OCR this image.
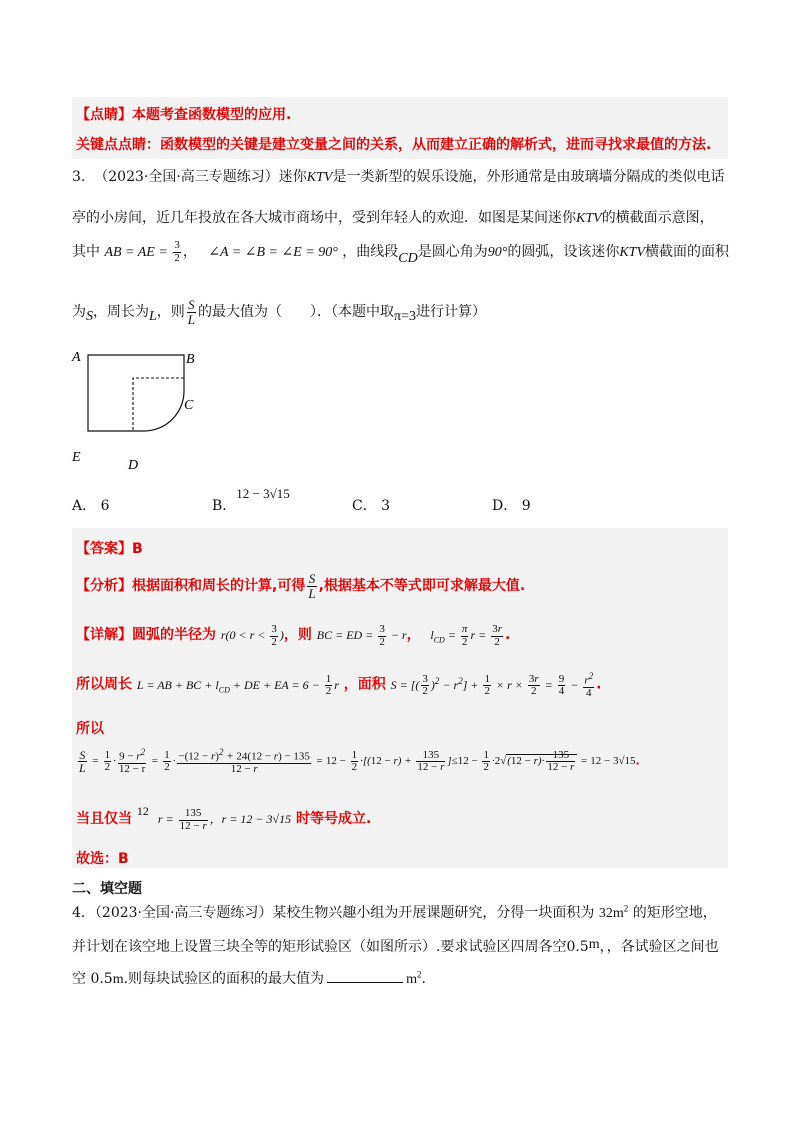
【点睛】本题考查函数模型的应用.
关键点点睛：函数模型的关键是建立变量之间的关系，从而建立正确的解析式，进而寻找求最值的方法.
3. （2023·全国·高三专题练习）迷你KTV是一类新型的娱乐设施，外形通常是由玻璃墙分隔成的类似电话
亭的小房间，近几年投放在各大城市商场中，受到年轻人的欢迎．如图是某间迷你KTV的横截面示意图，
其中 AB = AE = $\frac{3}{2}$ ，   ∠A = ∠B = ∠E = 90° ，曲线段CD是圆心角为90°的圆弧，设该迷你KTV横截面的面积
为S，周长为L，则 $\frac{S}{L}$ 的最大值为（　　）．（本题中取π=3进行计算）
A	B
C
D
E
A． 6	B．12 − 3√15
C． 3	D． 9
【答案】B
【分析】根据面积和周长的计算,可得 $\frac{S}{L}$ ,根据基本不等式即可求解最大值.
【详解】圆弧的半径为 $r(0 < r < \frac{3}{2}$ )，则 BC = ED = $\frac{3}{2} - r$，  $l_{CD} = \frac{\pi}{2}$ $r = \frac{3r}{2}$ .
所以周长 L = AB + BC + $l_{CD}$ + DE + EA = $6 - \frac{1}{2}$ r ，面积 S = [( $\frac{3}{2} )^2 - r^2] + \frac{1}{2} \times r \times \frac{3r}{2} = \frac{9}{4} - \frac{r^2}{4}$ .
所以
$\frac{S}{L} = \frac{1}{2} \cdot \frac{9 - r^2}{12 - r} = \frac{1}{2} \cdot \frac{-(12 - r)^2 + 24(12 - r) - 135}{12 - r} = 12 - \frac{1}{2} \cdot[(12 - r) + \frac{135}{12 - r} ]\le 12 - \frac{1}{2} \cdot 2√(12 - r)\cdot \frac{135}{12 - r} = 12 - 3√15$.
当且仅当 12   $r = \frac{135}{12 - r}$ ，r = 12 − 3√15 时等号成立.
故选：B
二、填空题
4．（2023·全国·高三专题练习）某校生物兴趣小组为开展课题研究，分得一块面积为 $32m^2$ 的矩形空地，
并计划在该空地上设置三块全等的矩形试验区（如图所示）.要求试验区四周各空0.5m，，各试验区之间也
空 0.5m.则每块试验区的面积的最大值为	$m^2$.
